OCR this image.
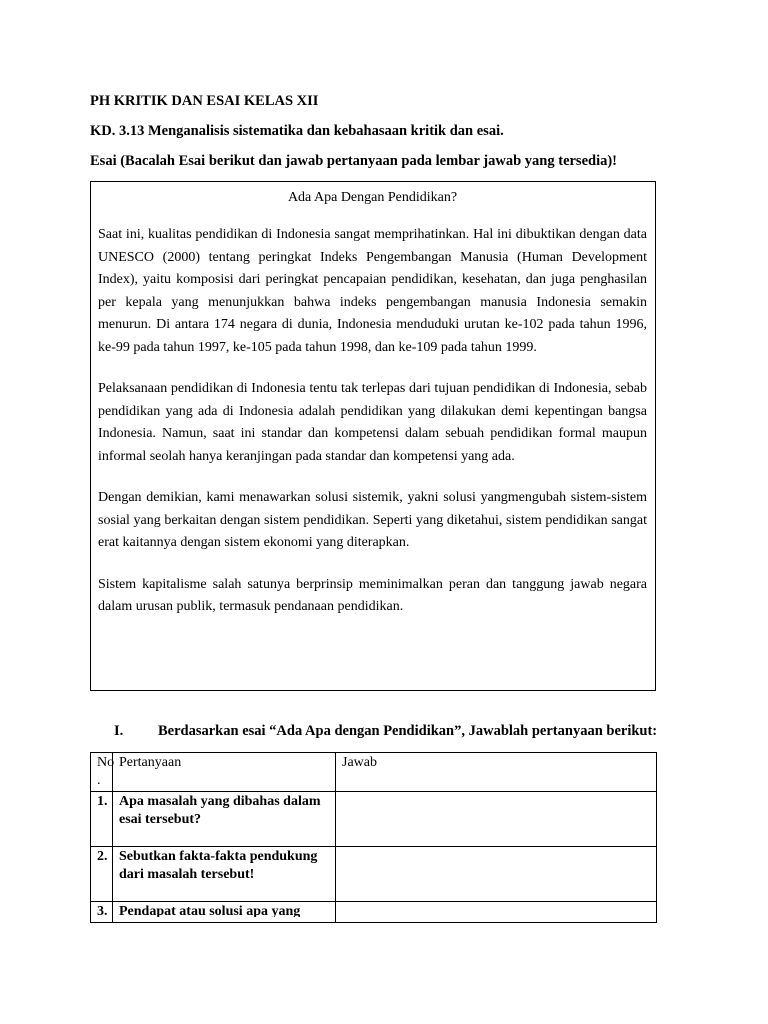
PH KRITIK DAN ESAI KELAS XII

KD. 3.13 Menganalisis sistematika dan kebahasaan kritik dan esai.

Esai (Bacalah Esai berikut dan jawab pertanyaan pada lembar jawab yang tersedia)!

Ada Apa Dengan Pendidikan?

Saat ini, kualitas pendidikan di Indonesia sangat memprihatinkan. Hal ini dibuktikan dengan data UNESCO (2000) tentang peringkat Indeks Pengembangan Manusia (Human Development Index), yaitu komposisi dari peringkat pencapaian pendidikan, kesehatan, dan juga penghasilan per kepala yang menunjukkan bahwa indeks pengembangan manusia Indonesia semakin menurun. Di antara 174 negara di dunia, Indonesia menduduki urutan ke-102 pada tahun 1996, ke-99 pada tahun 1997, ke-105 pada tahun 1998, dan ke-109 pada tahun 1999.

Pelaksanaan pendidikan di Indonesia tentu tak terlepas dari tujuan pendidikan di Indonesia, sebab pendidikan yang ada di Indonesia adalah pendidikan yang dilakukan demi kepentingan bangsa Indonesia. Namun, saat ini standar dan kompetensi dalam sebuah pendidikan formal maupun informal seolah hanya keranjingan pada standar dan kompetensi yang ada.

Dengan demikian, kami menawarkan solusi sistemik, yakni solusi yangmengubah sistem-sistem sosial yang berkaitan dengan sistem pendidikan. Seperti yang diketahui, sistem pendidikan sangat erat kaitannya dengan sistem ekonomi yang diterapkan.

Sistem kapitalisme salah satunya berprinsip meminimalkan peran dan tanggung jawab negara dalam urusan publik, termasuk pendanaan pendidikan.

I. Berdasarkan esai “Ada Apa dengan Pendidikan”, Jawablah pertanyaan berikut:
No .	Pertanyaan	Jawab
1.	Apa masalah yang dibahas dalam esai tersebut?	
2.	Sebutkan fakta-fakta pendukung dari masalah tersebut!	
3.	Pendapat atau solusi apa yang	
